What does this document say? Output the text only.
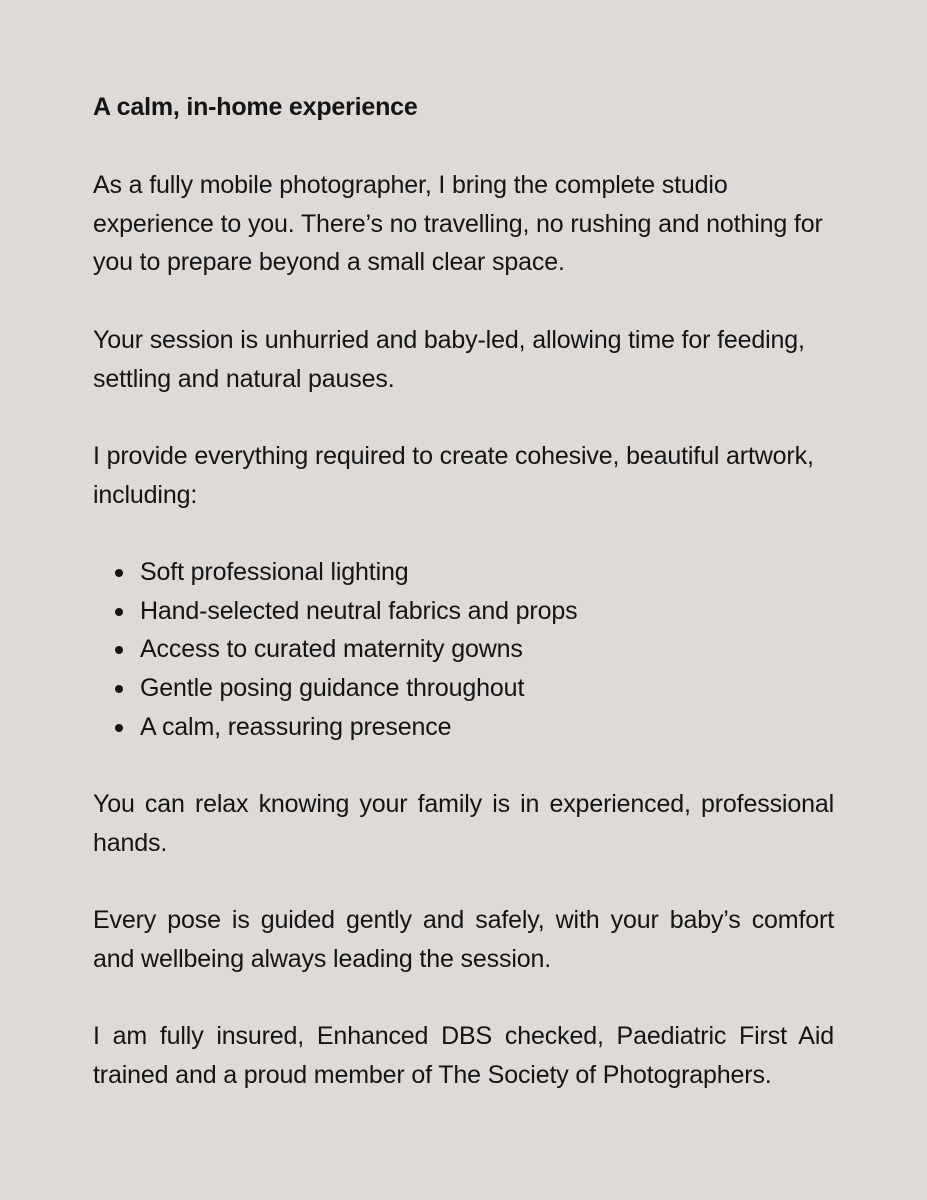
A calm, in-home experience

As a fully mobile photographer, I bring the complete studio experience to you. There’s no travelling, no rushing and nothing for you to prepare beyond a small clear space.

Your session is unhurried and baby-led, allowing time for feeding, settling and natural pauses.

I provide everything required to create cohesive, beautiful artwork, including:

Soft professional lighting
Hand-selected neutral fabrics and props
Access to curated maternity gowns
Gentle posing guidance throughout
A calm, reassuring presence

You can relax knowing your family is in experienced, professional hands.

Every pose is guided gently and safely, with your baby’s comfort and wellbeing always leading the session.

I am fully insured, Enhanced DBS checked, Paediatric First Aid trained and a proud member of The Society of Photographers.
